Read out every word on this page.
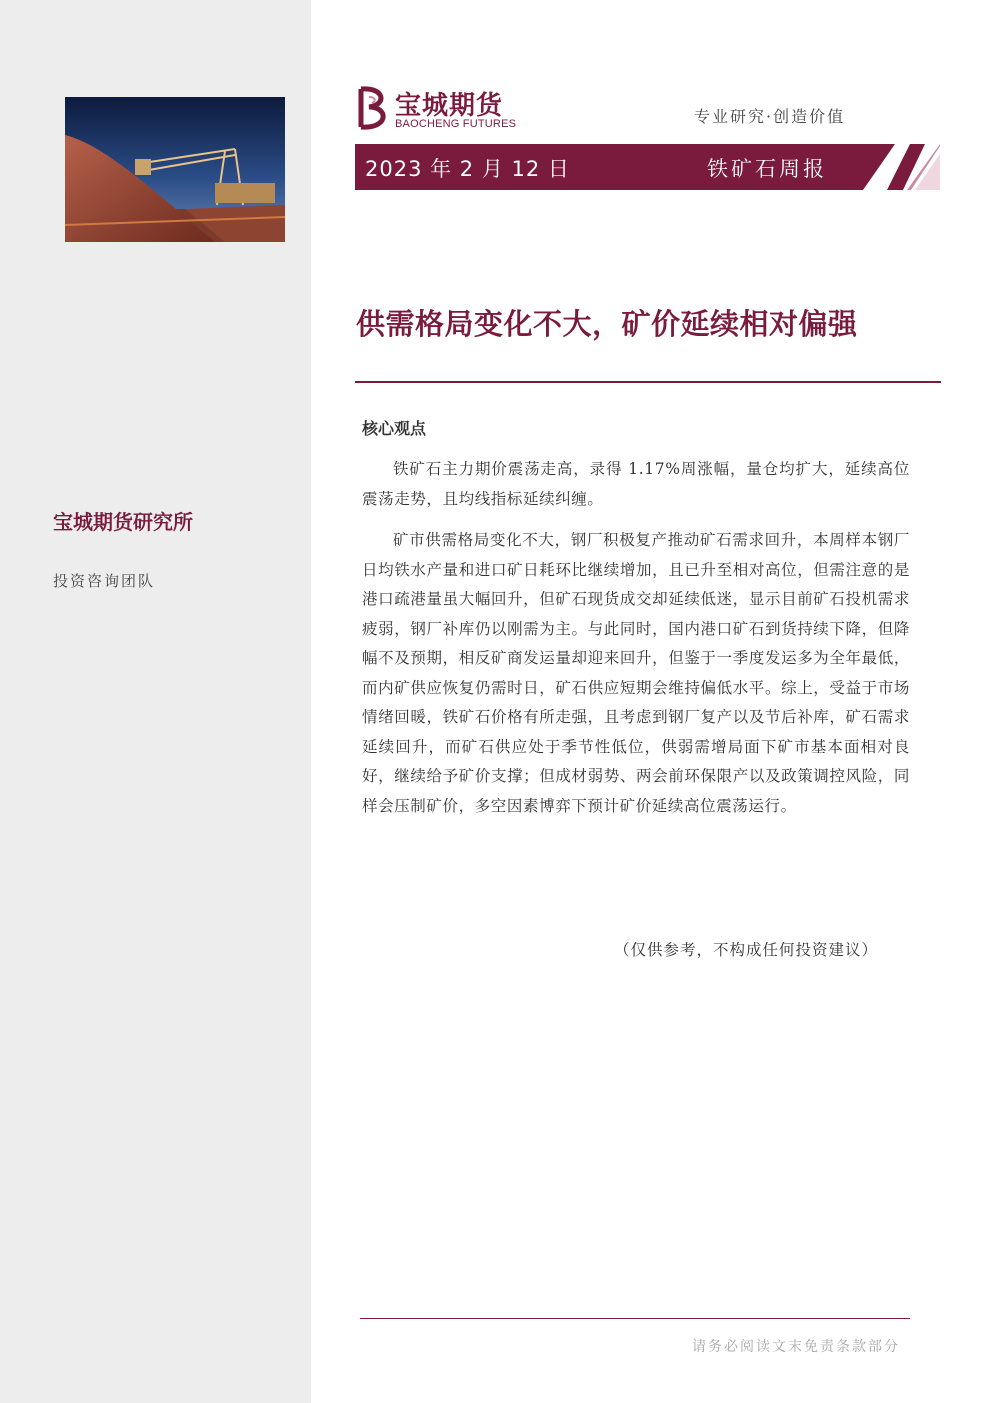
宝城期货研究所
投资咨询团队
宝城期货
BAOCHENG FUTURES	专业研究·创造价值
2023 年 2 月 12 日	铁矿石周报
供需格局变化不大，矿价延续相对偏强
核心观点

铁矿石主力期价震荡走高，录得 1.17%周涨幅，量仓均扩大，延续高位震荡走势，且均线指标延续纠缠。

矿市供需格局变化不大，钢厂积极复产推动矿石需求回升，本周样本钢厂日均铁水产量和进口矿日耗环比继续增加，且已升至相对高位，但需注意的是港口疏港量虽大幅回升，但矿石现货成交却延续低迷，显示目前矿石投机需求疲弱，钢厂补库仍以刚需为主。与此同时，国内港口矿石到货持续下降，但降幅不及预期，相反矿商发运量却迎来回升，但鉴于一季度发运多为全年最低，而内矿供应恢复仍需时日，矿石供应短期会维持偏低水平。综上，受益于市场情绪回暖，铁矿石价格有所走强，且考虑到钢厂复产以及节后补库，矿石需求延续回升，而矿石供应处于季节性低位，供弱需增局面下矿市基本面相对良好，继续给予矿价支撑；但成材弱势、两会前环保限产以及政策调控风险，同样会压制矿价，多空因素博弈下预计矿价延续高位震荡运行。

（仅供参考，不构成任何投资建议）
请务必阅读文末免责条款部分
